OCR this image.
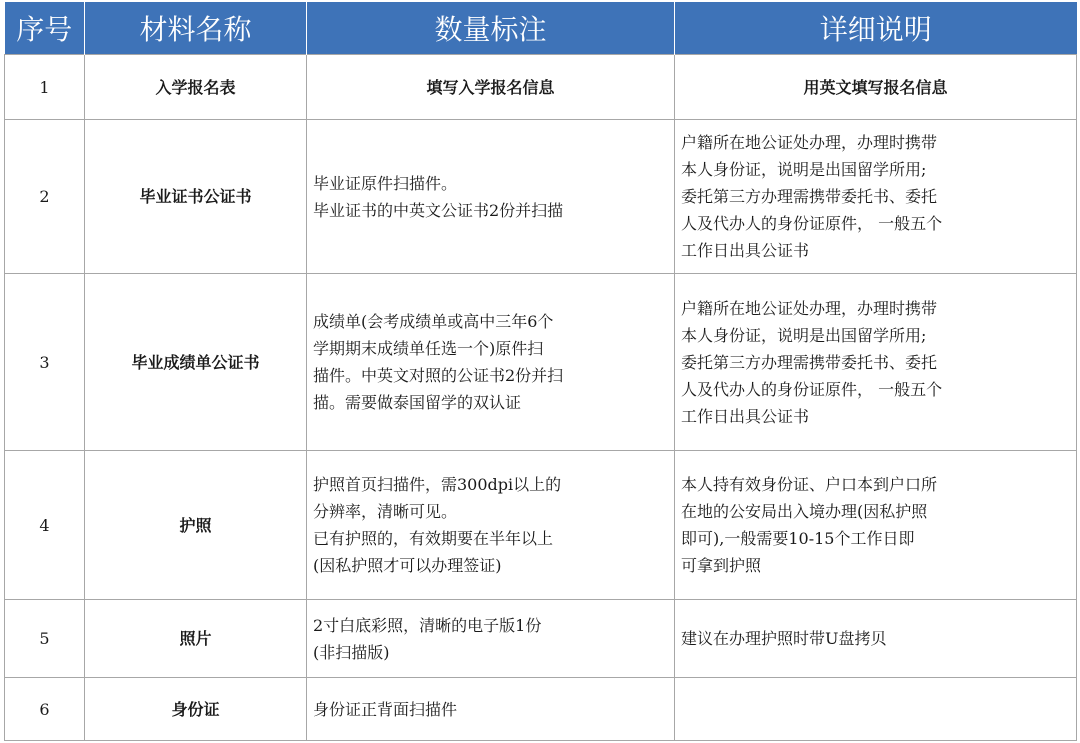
序号	材料名称	数量标注	详细说明
1	入学报名表	填写入学报名信息	用英文填写报名信息

2	毕业证书公证书	毕业证原件扫描件。
毕业证书的中英文公证书2份并扫描	户籍所在地公证处办理，办理时携带
本人身份证，说明是出国留学所用;
委托第三方办理需携带委托书、委托
人及代办人的身份证原件， 一般五个
工作日出具公证书

3	毕业成绩单公证书	成绩单(会考成绩单或高中三年6个
学期期末成绩单任选一个)原件扫
描件。中英文对照的公证书2份并扫
描。需要做泰国留学的双认证	户籍所在地公证处办理，办理时携带
本人身份证，说明是出国留学所用;
委托第三方办理需携带委托书、委托
人及代办人的身份证原件， 一般五个
工作日出具公证书

4	护照	护照首页扫描件，需300dpi以上的
分辨率，清晰可见。
已有护照的，有效期要在半年以上
(因私护照才可以办理签证)	本人持有效身份证、户口本到户口所
在地的公安局出入境办理(因私护照
即可),一般需要10-15个工作日即
可拿到护照

5	照片	2寸白底彩照，清晰的电子版1份
(非扫描版)	建议在办理护照时带U盘拷贝

6	身份证	身份证正背面扫描件	
